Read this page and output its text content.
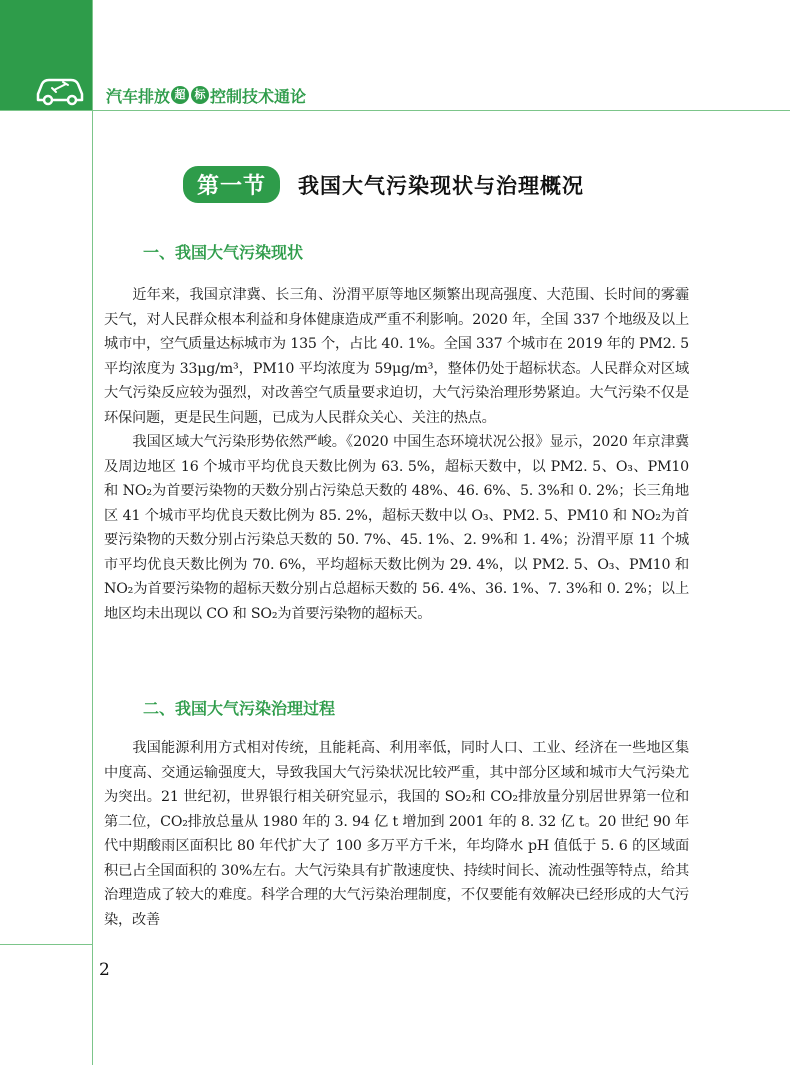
汽车排放 超 标 控制技术通论
第一节	我国大气污染现状与治理概况
一、我国大气污染现状

近年来，我国京津冀、长三角、汾渭平原等地区频繁出现高强度、大范围、长时间的雾霾天气，对人民群众根本利益和身体健康造成严重不利影响。2020 年，全国 337 个地级及以上城市中，空气质量达标城市为 135 个，占比 40. 1%。全国 337 个城市在 2019 年的 PM2. 5 平均浓度为 33μg/m³，PM10 平均浓度为 59μg/m³，整体仍处于超标状态。人民群众对区域大气污染反应较为强烈，对改善空气质量要求迫切，大气污染治理形势紧迫。大气污染不仅是环保问题，更是民生问题，已成为人民群众关心、关注的热点。

我国区域大气污染形势依然严峻。《2020 中国生态环境状况公报》显示，2020 年京津冀及周边地区 16 个城市平均优良天数比例为 63. 5%，超标天数中，以 PM2. 5、O₃、PM10 和 NO₂为首要污染物的天数分别占污染总天数的 48%、46. 6%、5. 3%和 0. 2%；长三角地区 41 个城市平均优良天数比例为 85. 2%，超标天数中以 O₃、PM2. 5、PM10 和 NO₂为首要污染物的天数分别占污染总天数的 50. 7%、45. 1%、2. 9%和 1. 4%；汾渭平原 11 个城市平均优良天数比例为 70. 6%，平均超标天数比例为 29. 4%，以 PM2. 5、O₃、PM10 和 NO₂为首要污染物的超标天数分别占总超标天数的 56. 4%、36. 1%、7. 3%和 0. 2%；以上地区均未出现以 CO 和 SO₂为首要污染物的超标天。

二、我国大气污染治理过程

我国能源利用方式相对传统，且能耗高、利用率低，同时人口、工业、经济在一些地区集中度高、交通运输强度大，导致我国大气污染状况比较严重，其中部分区域和城市大气污染尤为突出。21 世纪初，世界银行相关研究显示，我国的 SO₂和 CO₂排放量分别居世界第一位和第二位，CO₂排放总量从 1980 年的 3. 94 亿 t 增加到 2001 年的 8. 32 亿 t。20 世纪 90 年代中期酸雨区面积比 80 年代扩大了 100 多万平方千米，年均降水 pH 值低于 5. 6 的区域面积已占全国面积的 30%左右。大气污染具有扩散速度快、持续时间长、流动性强等特点，给其治理造成了较大的难度。科学合理的大气污染治理制度，不仅要能有效解决已经形成的大气污染，改善

2
